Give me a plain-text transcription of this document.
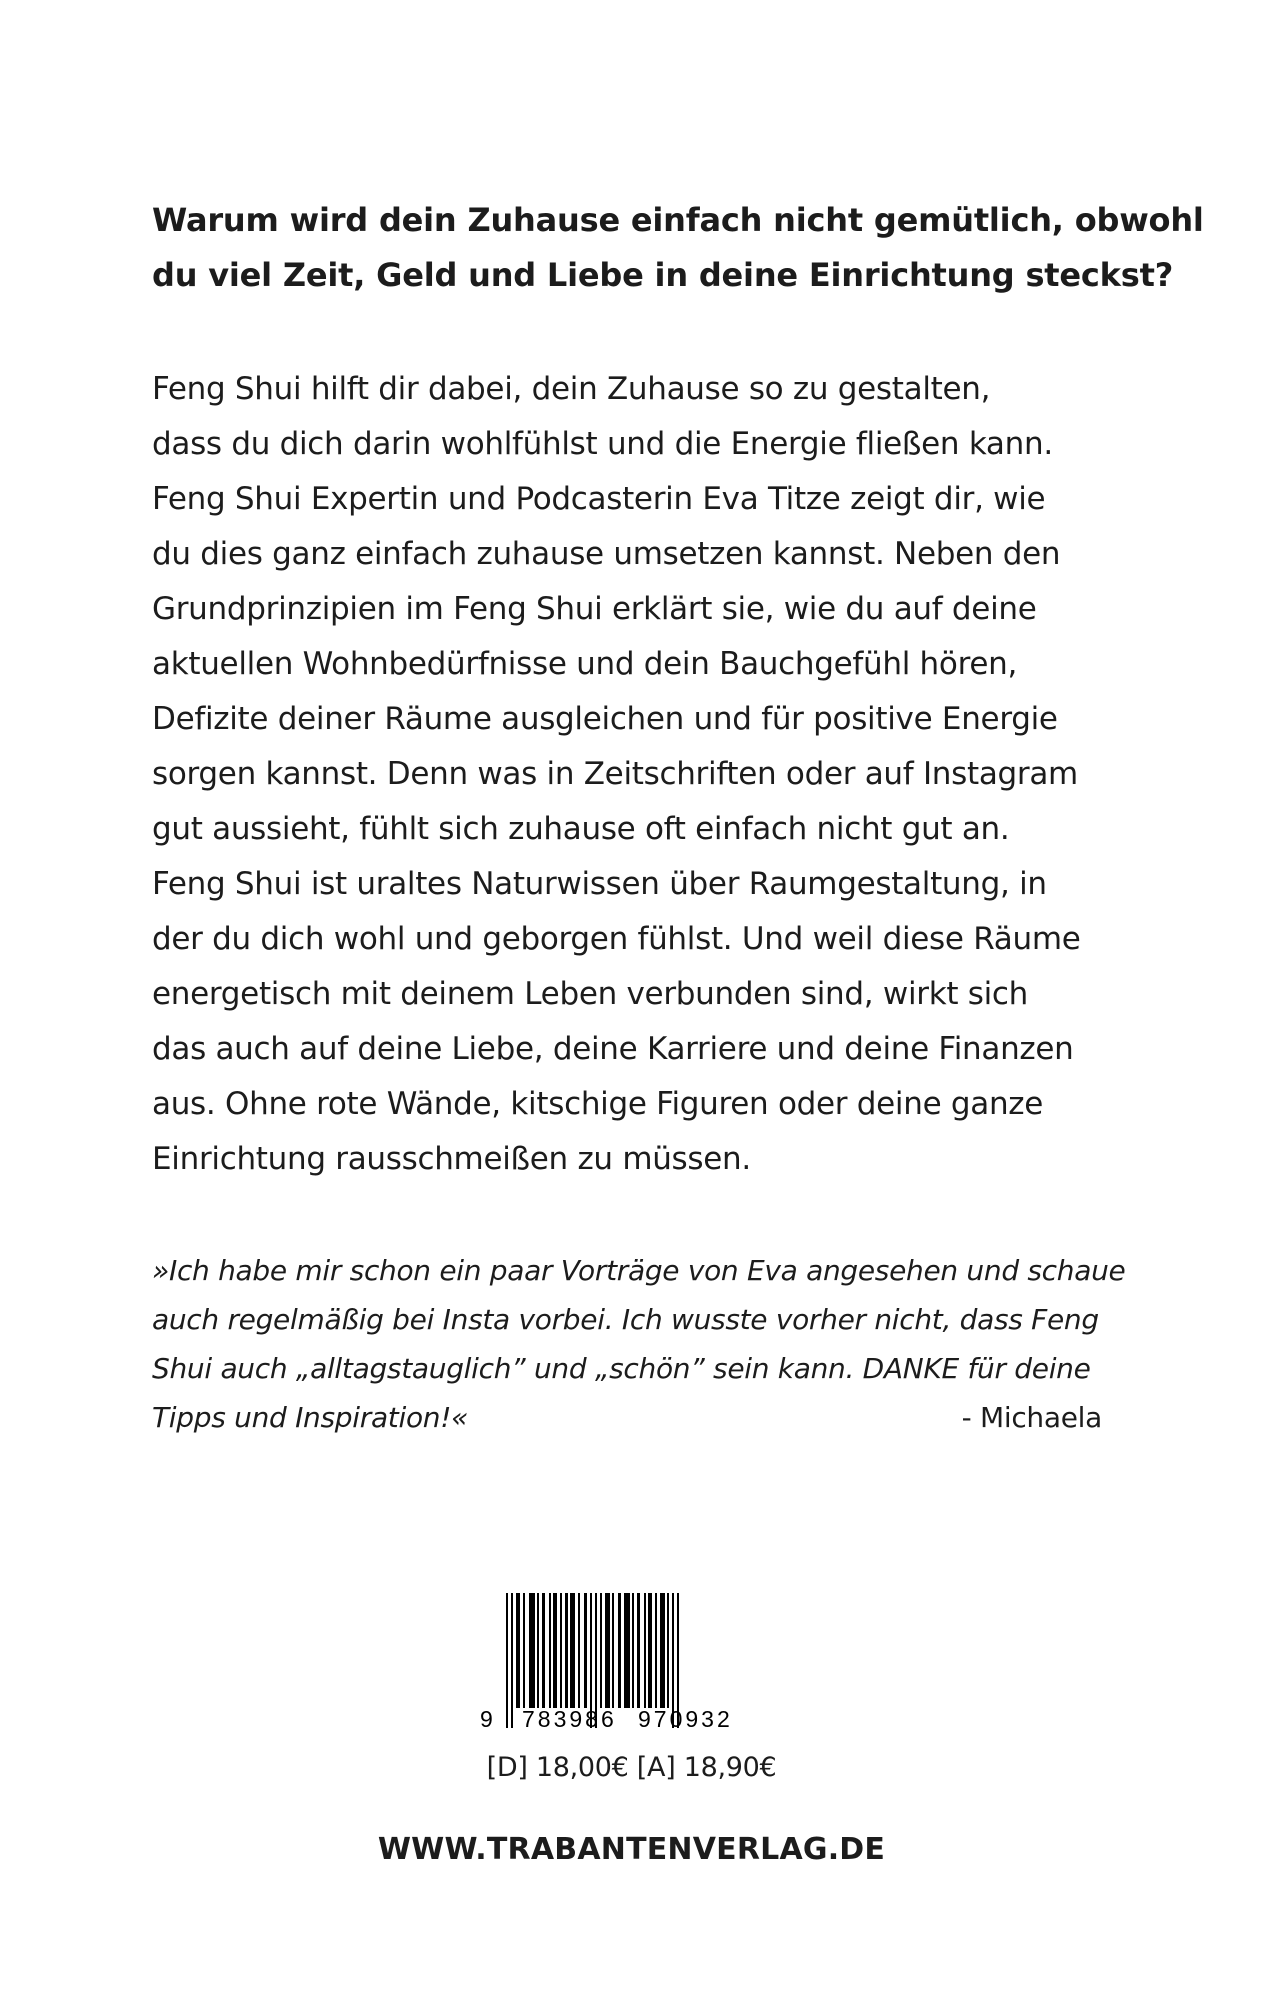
Warum wird dein Zuhause einfach nicht gemütlich, obwohl
du viel Zeit, Geld und Liebe in deine Einrichtung steckst?
Feng Shui hilft dir dabei, dein Zuhause so zu gestalten,
dass du dich darin wohlfühlst und die Energie fließen kann.
Feng Shui Expertin und Podcasterin Eva Titze zeigt dir, wie
du dies ganz einfach zuhause umsetzen kannst. Neben den
Grundprinzipien im Feng Shui erklärt sie, wie du auf deine
aktuellen Wohnbedürfnisse und dein Bauchgefühl hören,
Defizite deiner Räume ausgleichen und für positive Energie
sorgen kannst. Denn was in Zeitschriften oder auf Instagram
gut aussieht, fühlt sich zuhause oft einfach nicht gut an.
Feng Shui ist uraltes Naturwissen über Raumgestaltung, in
der du dich wohl und geborgen fühlst. Und weil diese Räume
energetisch mit deinem Leben verbunden sind, wirkt sich
das auch auf deine Liebe, deine Karriere und deine Finanzen
aus. Ohne rote Wände, kitschige Figuren oder deine ganze
Einrichtung rausschmeißen zu müssen.
»Ich habe mir schon ein paar Vorträge von Eva angesehen und schaue
auch regelmäßig bei Insta vorbei. Ich wusste vorher nicht, dass Feng
Shui auch „alltagstauglich” und „schön” sein kann. DANKE für deine
Tipps und Inspiration!«	- Michaela
9 783986 970932
[D] 18,00€ [A] 18,90€
WWW.TRABANTENVERLAG.DE
